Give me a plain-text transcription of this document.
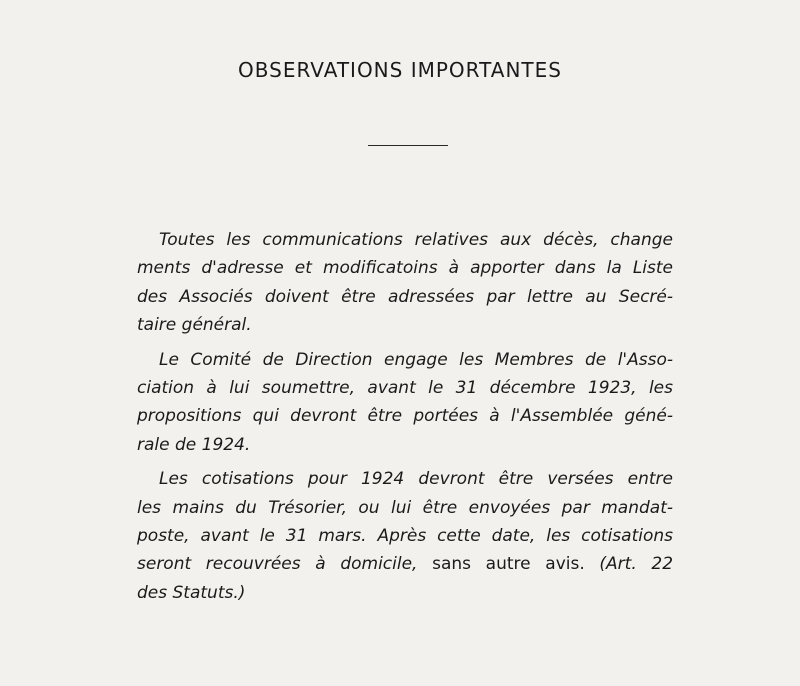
OBSERVATIONS IMPORTANTES
Toutes les communications relatives aux décès, change
ments d'adresse et modificatoins à apporter dans la Liste
des Associés doivent être adressées par lettre au Secré-
taire général.
Le Comité de Direction engage les Membres de l'Asso-
ciation à lui soumettre, avant le 31 décembre 1923, les
propositions qui devront être portées à l'Assemblée géné-
rale de 1924.
Les cotisations pour 1924 devront être versées entre
les mains du Trésorier, ou lui être envoyées par mandat-
poste, avant le 31 mars. Après cette date, les cotisations
seront recouvrées à domicile, sans autre avis. (Art. 22
des Statuts.)
